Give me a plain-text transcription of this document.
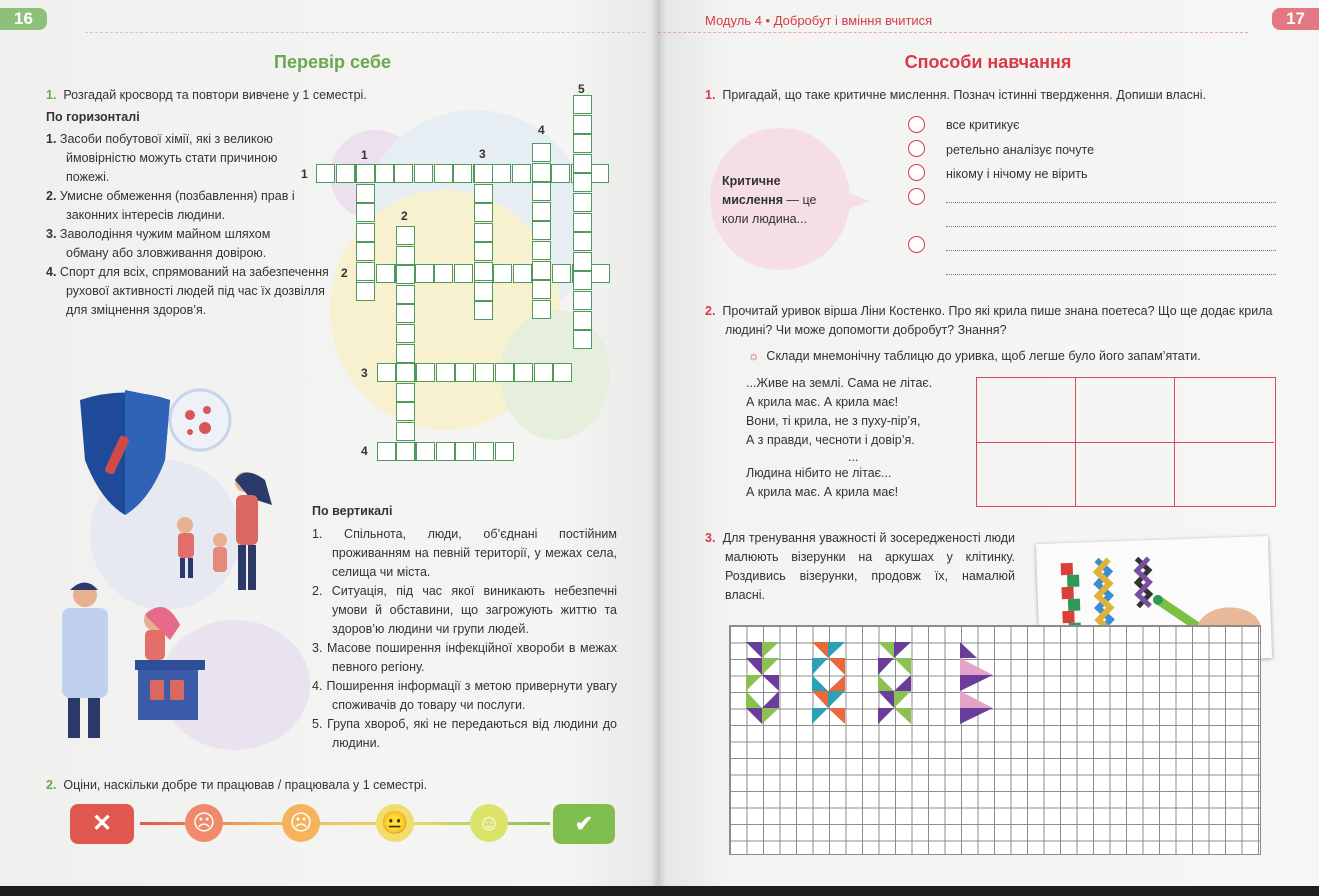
16
Перевір себе
1. Розгадай кросворд та повтори вивчене у 1 семестрі.
По горизонталі
1. Засоби побутової хімії, які з великою ймовірністю можуть стати причиною пожежі.
2. Умисне обмеження (позбавлення) прав і законних інтересів людини.
3. Заволодіння чужим майном шляхом обману або зловживання довірою.
4. Спорт для всіх, спрямований на забезпечення рухової активності людей під час їх дозвілля для зміцнення здоров’я.
1
2
3
4
1
2
3
4
5
По вертикалі
1. Спільнота, люди, об’єднані постійним проживанням на певній території, у межах села, селища чи міста.
2. Ситуація, під час якої виникають небезпечні умови й обставини, що загрожують життю та здоров’ю людини чи групи людей.
3. Масове поширення інфекційної хвороби в межах певного регіону.
4. Поширення інформації з метою привернути увагу споживачів до товару чи послуги.
5. Група хвороб, які не передаються від людини до людини.
2. Оціни, наскільки добре ти працював / працювала у 1 семестрі.
✕	☹	☹	😐	☺	✔
Модуль 4 • Добробут і вміння вчитися	17
Способи навчання
1. Пригадай, що таке критичне мислення. Познач істинні твердження. Допиши власні.
Критичне мислення — це коли людина...
все критикує
ретельно аналізує почуте
нікому і нічому не вірить
2. Прочитай уривок вірша Ліни Костенко. Про які крила пише знана поетеса? Що ще додає крила людині? Чи може допомогти добробут? Знання?
☼ Склади мнемонічну таблицю до уривка, щоб легше було його запам’ятати.
...Живе на землі. Сама не літає.
А крила має. А крила має!
Вони, ті крила, не з пуху-пір’я,
А з правди, чесноти і довір’я.
...
Людина нібито не літає...
А крила має. А крила має!
3. Для тренування уважності й зосередженості люди малюють візерунки на аркушах у клітинку. Роздивись візерунки, продовж їх, намалюй власні.
